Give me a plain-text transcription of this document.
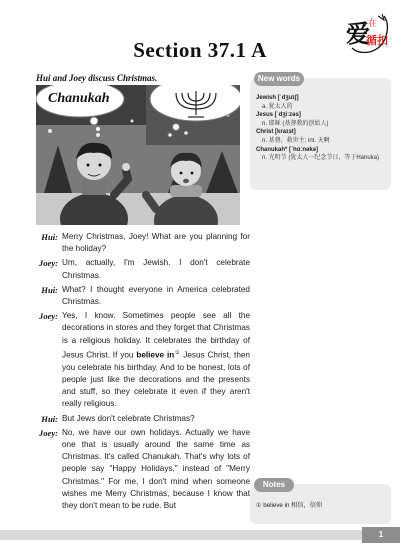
Section 37.1 A
爱
在
循扣
Hui and Joey discuss Christmas.
Chanukah
Hui: Merry Christmas, Joey! What are you planning for the holiday?
Joey: Um, actually, I'm Jewish. I don't celebrate Christmas.
Hui: What? I thought everyone in America celebrated Christmas.
Joey: Yes, I know. Sometimes people see all the decorations in stores and they forget that Christmas is a religious holiday. It celebrates the birthday of Jesus Christ. If you believe in① Jesus Christ, then you celebrate his birthday. And to be honest, lots of people just like the decorations and the presents and stuff, so they celebrate it even if they aren't really religious.
Hui: But Jews don't celebrate Christmas?
Joey: No, we have our own holidays. Actually we have one that is usually around the same time as Christmas. It's called Chanukah. That's why lots of people say "Happy Holidays," instead of "Merry Christmas." For me, I don't mind when someone wishes me Merry Christmas, because I know that they don't mean to be rude. But
New words
Jewish [ˈdʒuɪʃ]
a. 犹太人的
Jesus [ˈdʒiːzəs]
n. 耶稣 (基督教的创始人)
Christ [kraɪst]
n. 基督，救世主; int. 天啊
Chanukah* [ˈhɑːnəkə]
n. 光明节 (犹太人一纪念节日，等于Hanuka)
Notes
① believe in 相信，信仰
1
